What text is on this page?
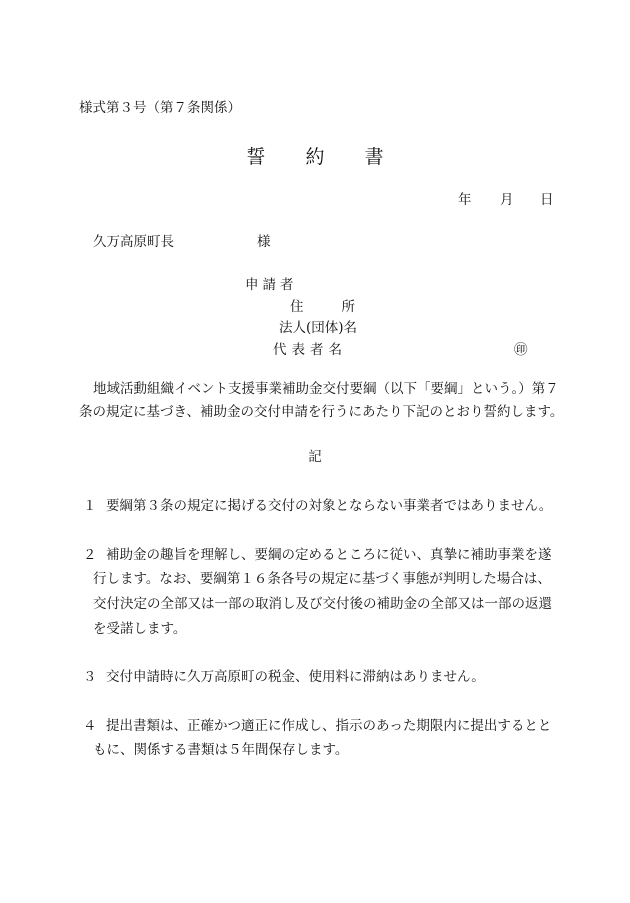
様式第３号（第７条関係）
誓 約 書
年 月 日
久万高原町長	様
申請者
住	所
法人(団体)名
代表者名	㊞
地域活動組織イベント支援事業補助金交付要綱（以下「要綱」という。）第７
条の規定に基づき、補助金の交付申請を行うにあたり下記のとおり誓約します。
記
１ 要綱第３条の規定に掲げる交付の対象とならない事業者ではありません。
２ 補助金の趣旨を理解し、要綱の定めるところに従い、真摯に補助事業を遂
行します。なお、要綱第１６条各号の規定に基づく事態が判明した場合は、
交付決定の全部又は一部の取消し及び交付後の補助金の全部又は一部の返還
を受諾します。
３ 交付申請時に久万高原町の税金、使用料に滞納はありません。
４ 提出書類は、正確かつ適正に作成し、指示のあった期限内に提出するとと
もに、関係する書類は５年間保存します。
